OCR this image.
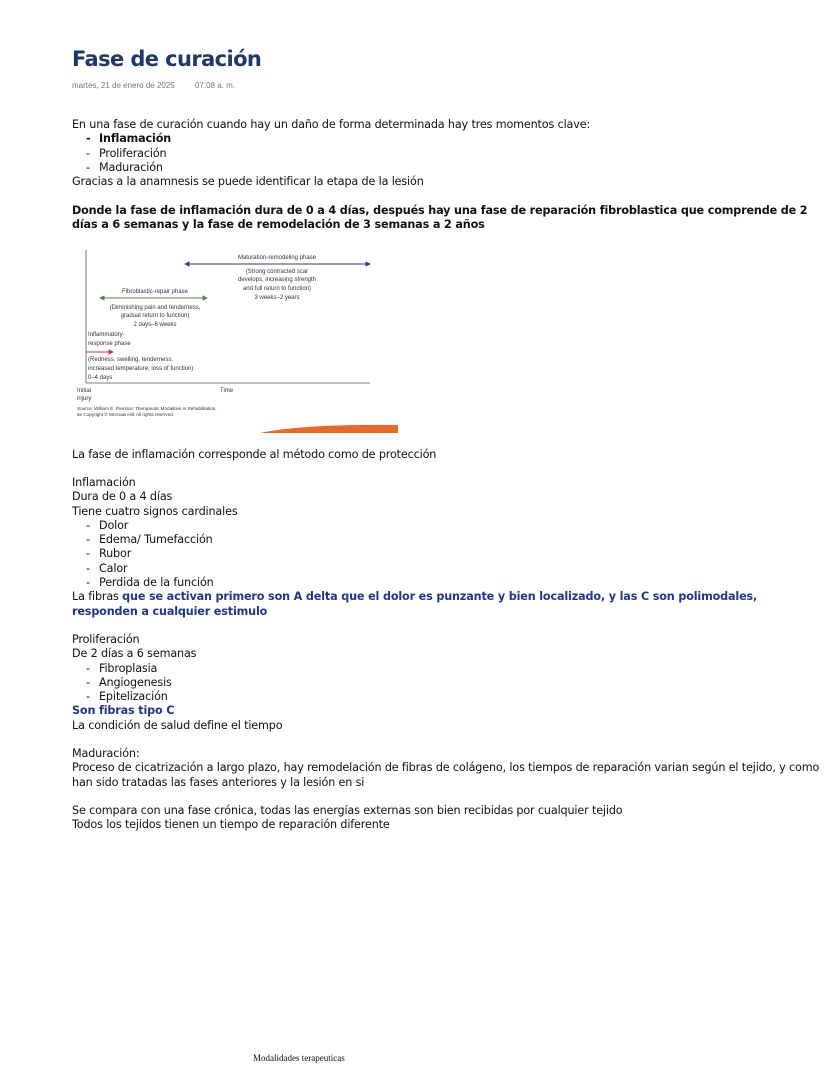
Fase de curación
martes, 21 de enero de 2025	07:08 a. m.
En una fase de curación cuando hay un daño de forma determinada hay tres momentos clave:
- Inflamación
- Proliferación
- Maduración
Gracias a la anamnesis se puede identificar la etapa de la lesión
Donde la fase de inflamación dura de 0 a 4 días, después hay una fase de reparación fibroblastica que comprende de 2 días a 6 semanas y la fase de remodelación de 3 semanas a 2 años
Maturation-remodeling phase
(Strong contracted scar
develops, increasing strength
and full return to function)
3 weeks–2 years
Fibroblastic-repair phase
(Diminishing pain and tenderness,
gradual return to function)
2 days–6 weeks
Inflammatory-
response phase
(Redness, swelling, tenderness,
increased temperature, loss of function)
0–4 days
Initial
injury
Time
Source: William E. Prentice: Therapeutic Modalities in Rehabilitation,
6e Copyright © McGraw Hill. All rights reserved.
La fase de inflamación corresponde al método como de protección
Inflamación
Dura de 0 a 4 días
Tiene cuatro signos cardinales
- Dolor
- Edema/ Tumefacción
- Rubor
- Calor
- Perdida de la función
La fibras que se activan primero son A delta que el dolor es punzante y bien localizado, y las C son polimodales, responden a cualquier estimulo
Proliferación
De 2 días a 6 semanas
- Fibroplasia
- Angiogenesis
- Epitelización
Son fibras tipo C
La condición de salud define el tiempo
Maduración:
Proceso de cicatrización a largo plazo, hay remodelación de fibras de colágeno, los tiempos de reparación varian según el tejido, y como han sido tratadas las fases anteriores y la lesión en si
Se compara con una fase crónica, todas las energías externas son bien recibidas por cualquier tejido
Todos los tejidos tienen un tiempo de reparación diferente
Modalidades terapeuticas
